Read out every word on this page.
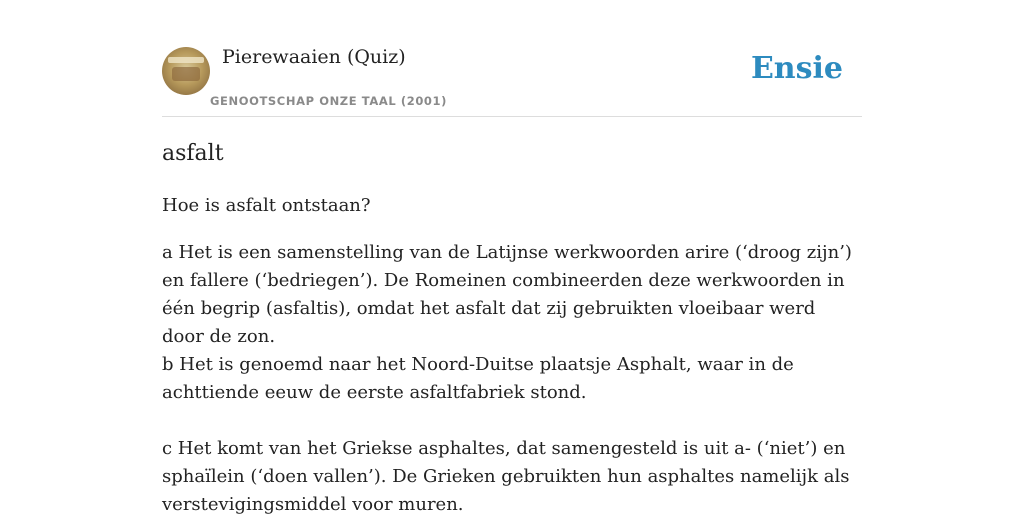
Pierewaaien (Quiz)
GENOOTSCHAP ONZE TAAL (2001)
Ensie
asfalt

Hoe is asfalt ontstaan?

a Het is een samenstelling van de Latijnse werkwoorden arire (‘droog zijn’) en fallere (‘bedriegen’). De Romeinen combineerden deze werkwoorden in één begrip (asfaltis), omdat het asfalt dat zij gebruikten vloeibaar werd door de zon.

b Het is genoemd naar het Noord-Duitse plaatsje Asphalt, waar in de achttiende eeuw de eerste asfaltfabriek stond.

c Het komt van het Griekse asphaltes, dat samengesteld is uit a- (‘niet’) en sphaïlein (‘doen vallen’). De Grieken gebruikten hun asphaltes namelijk als verstevigingsmiddel voor muren.
